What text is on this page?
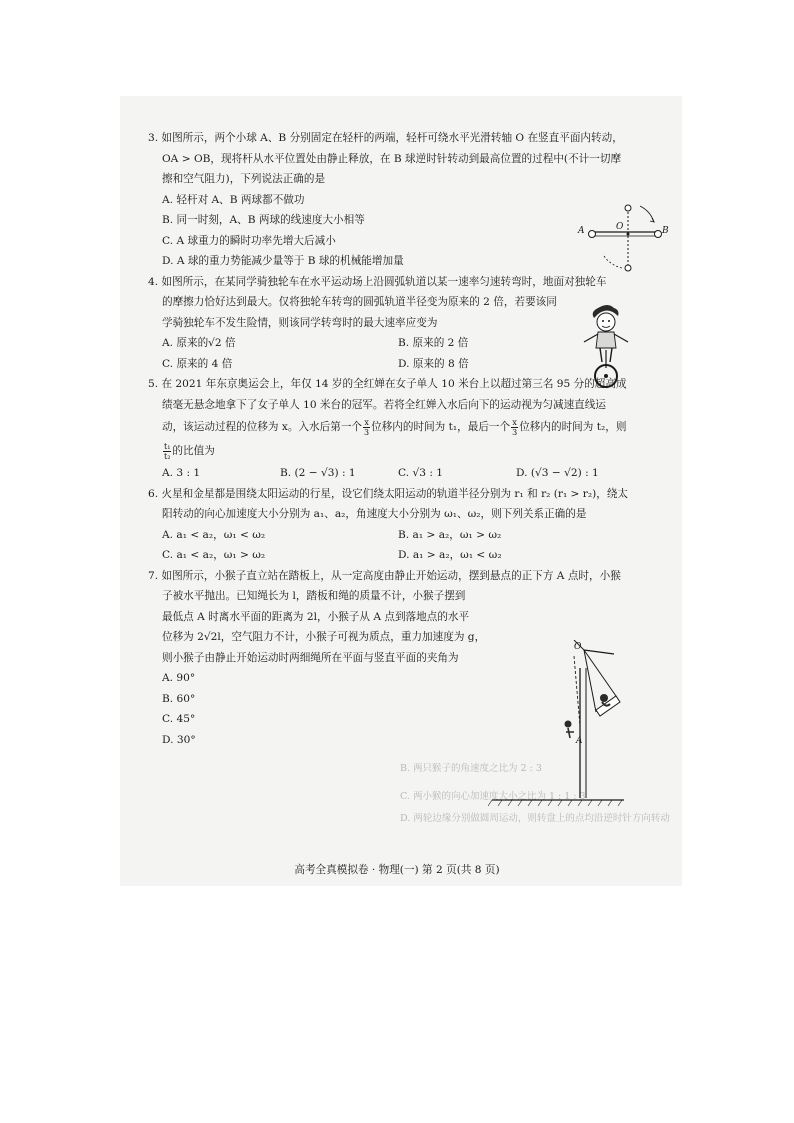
B. 两只猴子的角速度之比为 2 : 3
C. 两小猴的向心加速度大小之比为 1 : 1 : 3
D. 两轮边缘分别做圆周运动，则转盘上的点均沿逆时针方向转动
3. 如图所示，两个小球 A、B 分别固定在轻杆的两端，轻杆可绕水平光滑转轴 O 在竖直平面内转动，
OA > OB，现将杆从水平位置处由静止释放，在 B 球逆时针转动到最高位置的过程中(不计一切摩
擦和空气阻力)，下列说法正确的是
A. 轻杆对 A、B 两球都不做功
B. 同一时刻，A、B 两球的线速度大小相等
C. A 球重力的瞬时功率先增大后减小
D. A 球的重力势能减少量等于 B 球的机械能增加量
4. 如图所示，在某同学骑独轮车在水平运动场上沿圆弧轨道以某一速率匀速转弯时，地面对独轮车
的摩擦力恰好达到最大。仅将独轮车转弯的圆弧轨道半径变为原来的 2 倍，若要该同
学骑独轮车不发生险情，则该同学转弯时的最大速率应变为
A. 原来的√2 倍	B. 原来的 2 倍
C. 原来的 4 倍	D. 原来的 8 倍
5. 在 2021 年东京奥运会上，年仅 14 岁的全红婵在女子单人 10 米台上以超过第三名 95 分的超高成
绩毫无悬念地拿下了女子单人 10 米台的冠军。若将全红婵入水后向下的运动视为匀减速直线运
动，该运动过程的位移为 x。入水后第一个 $\frac{x}{3}$ 位移内的时间为 t₁，最后一个 $\frac{x}{3}$ 位移内的时间为 t₂，则
$\frac{\text{t₁}}{\text{t₂}}$ 的比值为
A. 3 : 1	B. (2 − √3) : 1	C. √3 : 1	D. (√3 − √2) : 1
6. 火星和金星都是围绕太阳运动的行星，设它们绕太阳运动的轨道半径分别为 r₁ 和 r₂ (r₁ > r₂)，绕太
阳转动的向心加速度大小分别为 a₁、a₂，角速度大小分别为 ω₁、ω₂，则下列关系正确的是
A. a₁ < a₂，ω₁ < ω₂	B. a₁ > a₂，ω₁ > ω₂
C. a₁ < a₂，ω₁ > ω₂	D. a₁ > a₂，ω₁ < ω₂
7. 如图所示，小猴子直立站在踏板上，从一定高度由静止开始运动，摆到悬点的正下方 A 点时，小猴
子被水平抛出。已知绳长为 l，踏板和绳的质量不计，小猴子摆到
最低点 A 时离水平面的距离为 2l，小猴子从 A 点到落地点的水平
位移为 2√2l，空气阻力不计，小猴子可视为质点，重力加速度为 g，
则小猴子由静止开始运动时两细绳所在平面与竖直平面的夹角为
A. 90°
B. 60°
C. 45°
D. 30°
A	O	B
O
A
高考全真模拟卷 · 物理(一) 第 2 页(共 8 页)
